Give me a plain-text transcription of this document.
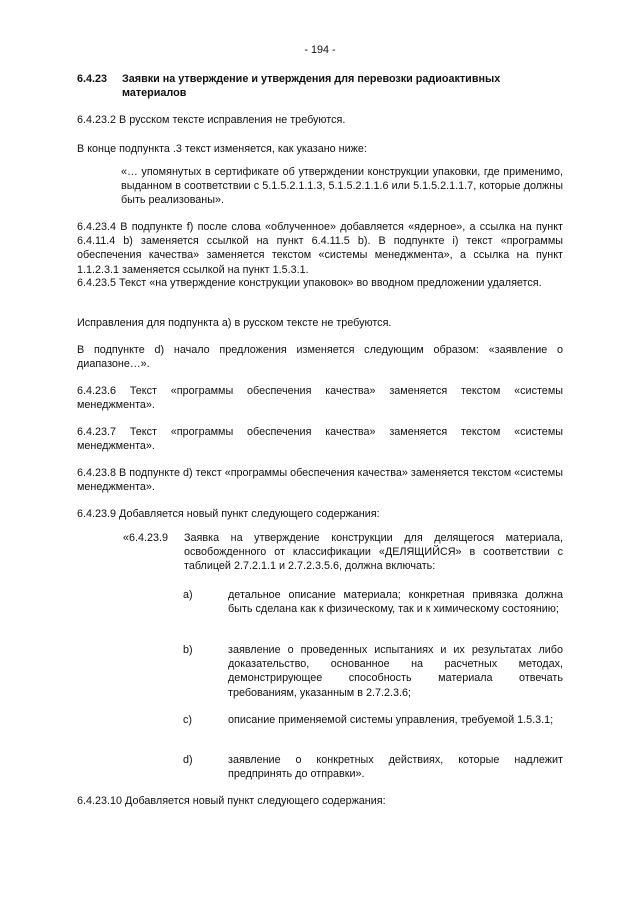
- 194 -
6.4.23 Заявки на утверждение и утверждения для перевозки радиоактивных материалов
6.4.23.2 В русском тексте исправления не требуются.
В конце подпункта .3 текст изменяется, как указано ниже:
«… упомянутых в сертификате об утверждении конструкции упаковки, где применимо, выданном в соответствии с 5.1.5.2.1.1.3, 5.1.5.2.1.1.6 или 5.1.5.2.1.1.7, которые должны быть реализованы».
6.4.23.4 В подпункте f) после слова «облученное» добавляется «ядерное», а ссылка на пункт 6.4.11.4 b) заменяется ссылкой на пункт 6.4.11.5 b). В подпункте i) текст «программы обеспечения качества» заменяется текстом «системы менеджмента», а ссылка на пункт 1.1.2.3.1 заменяется ссылкой на пункт 1.5.3.1.
6.4.23.5 Текст «на утверждение конструкции упаковок» во вводном предложении удаляется.
Исправления для подпункта а) в русском тексте не требуются.
В подпункте d) начало предложения изменяется следующим образом: «заявление о диапазоне…».
6.4.23.6 Текст «программы обеспечения качества» заменяется текстом «системы менеджмента».
6.4.23.7 Текст «программы обеспечения качества» заменяется текстом «системы менеджмента».
6.4.23.8 В подпункте d) текст «программы обеспечения качества» заменяется текстом «системы менеджмента».
6.4.23.9 Добавляется новый пункт следующего содержания:
«6.4.23.9 Заявка на утверждение конструкции для делящегося материала, освобожденного от классификации «ДЕЛЯЩИЙСЯ» в соответствии с таблицей 2.7.2.1.1 и 2.7.2.3.5.6, должна включать:
a)	детальное описание материала; конкретная привязка должна быть сделана как к физическому, так и к химическому состоянию;
b)	заявление о проведенных испытаниях и их результатах либо доказательство, основанное на расчетных методах, демонстрирующее способность материала отвечать требованиям, указанным в 2.7.2.3.6;
c)	описание применяемой системы управления, требуемой 1.5.3.1;
d)	заявление о конкретных действиях, которые надлежит предпринять до отправки».
6.4.23.10 Добавляется новый пункт следующего содержания:
